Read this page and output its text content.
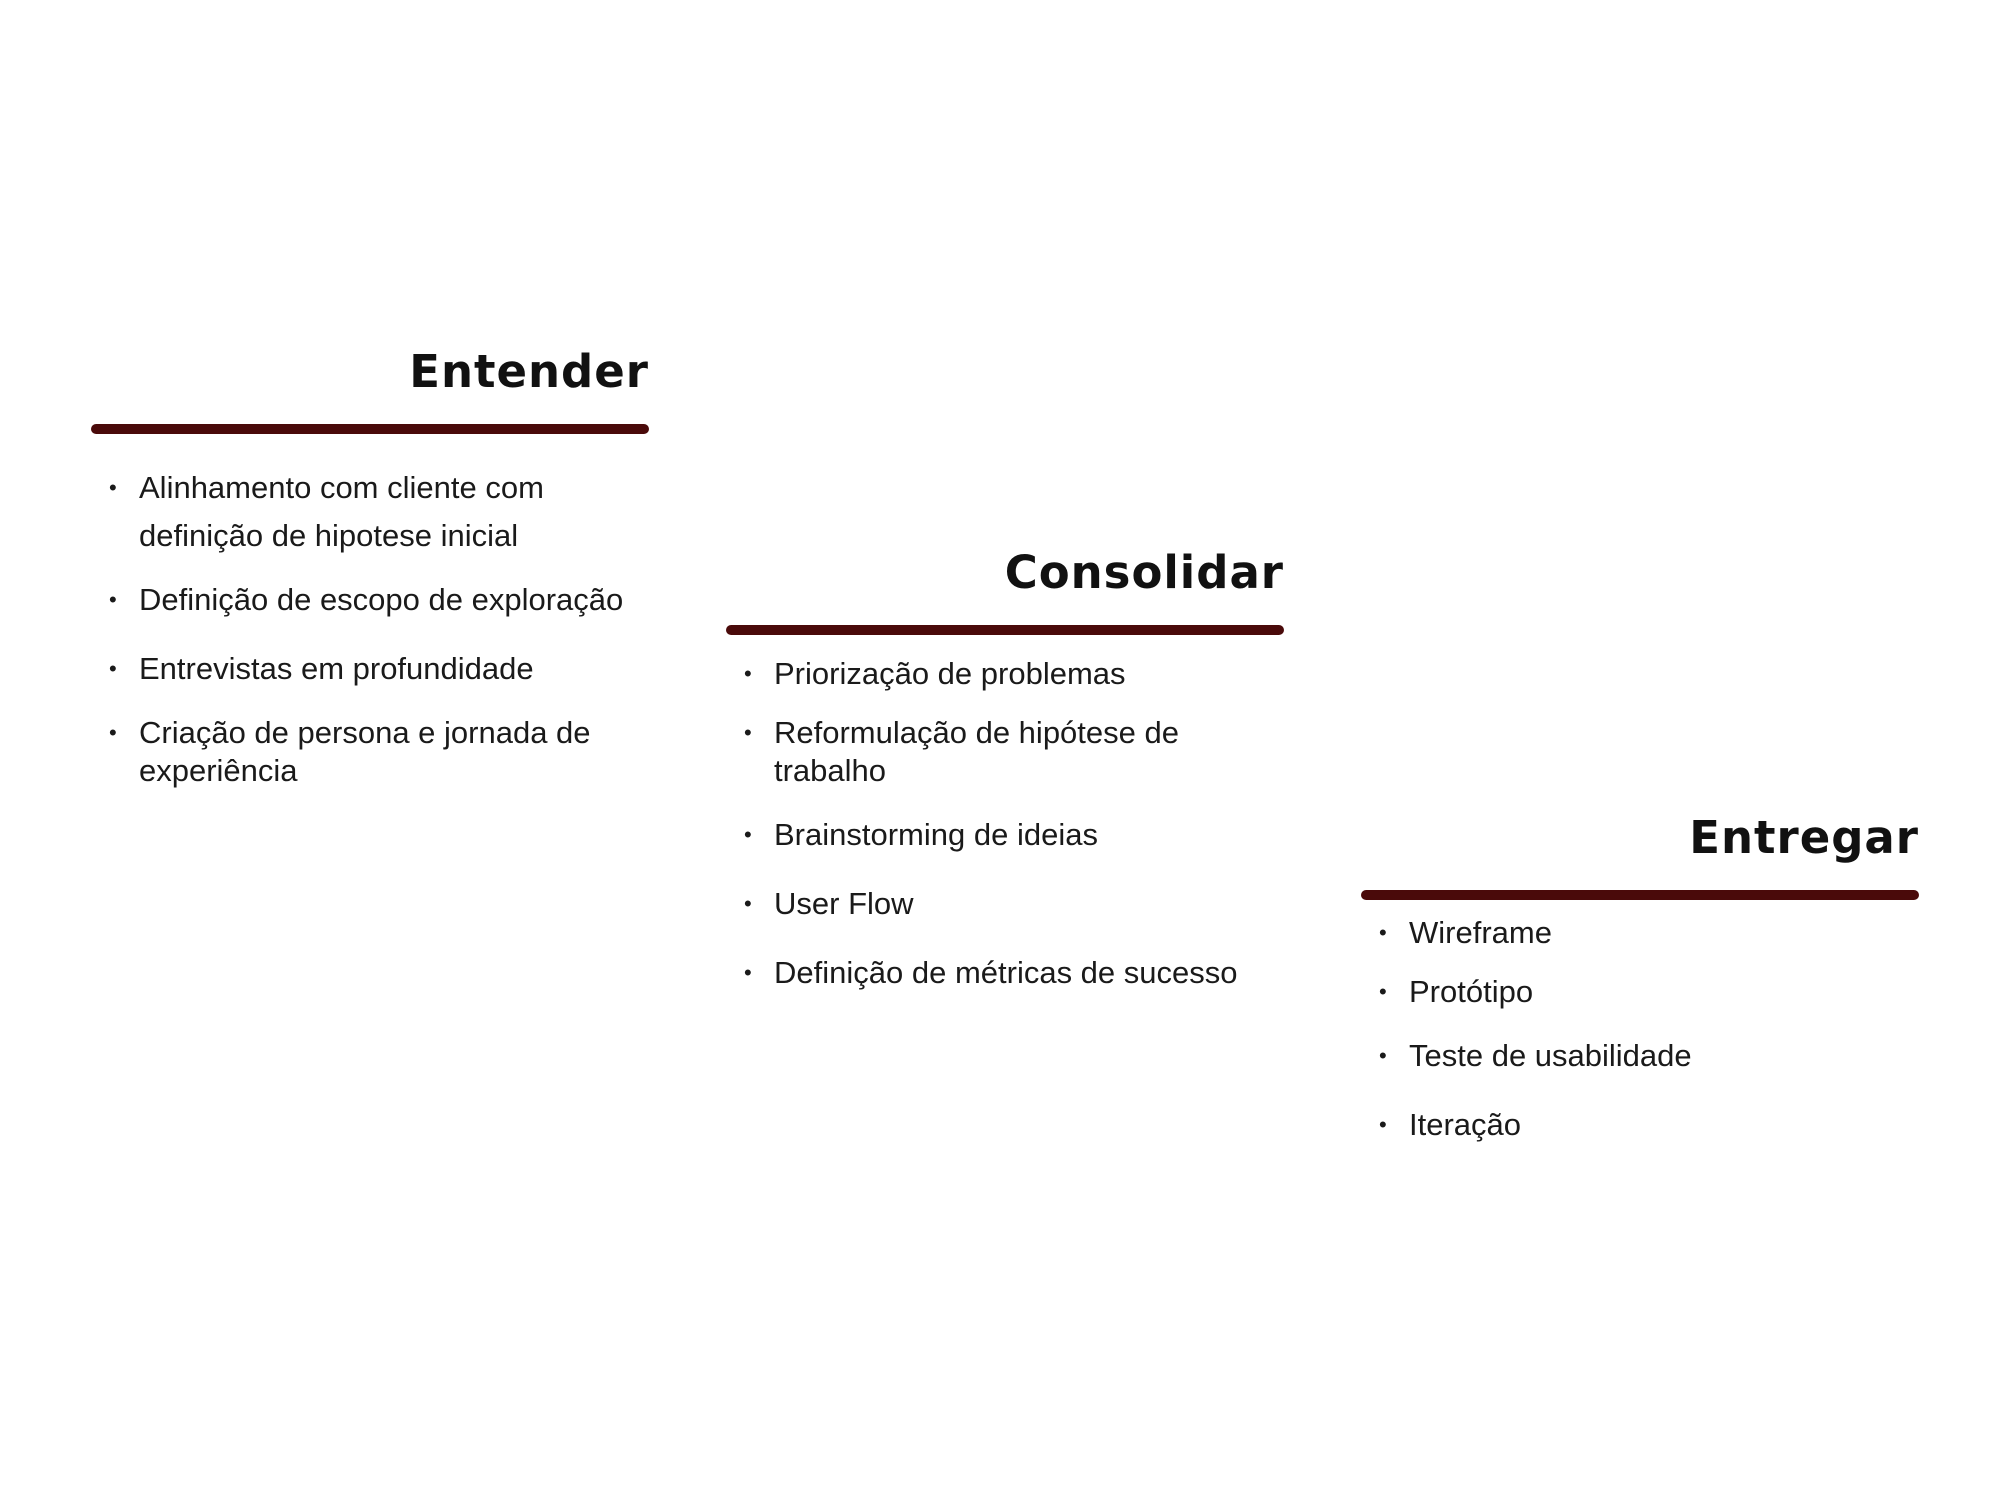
Entender
• Alinhamento com cliente com definição de hipotese inicial
• Definição de escopo de exploração
• Entrevistas em profundidade
• Criação de persona e jornada de experiência
Consolidar
• Priorização de problemas
• Reformulação de hipótese de trabalho
• Brainstorming de ideias
• User Flow
• Definição de métricas de sucesso
Entregar
• Wireframe
• Protótipo
• Teste de usabilidade
• Iteração
